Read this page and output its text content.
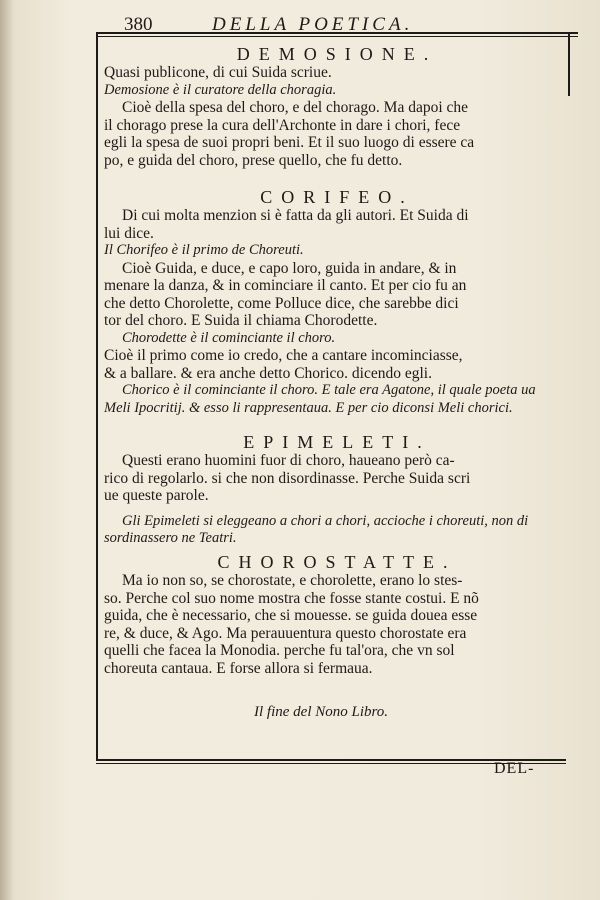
380	DELLA POETICA.
DEMOSIONE.
Quasi publicone, di cui Suida scriue.
Demosione è il curatore della choragia.
Cioè della spesa del choro, e del chorago. Ma dapoi che
il chorago prese la cura dell'Archonte in dare i chori, fece
egli la spesa de suoi propri beni. Et il suo luogo di essere ca
po, e guida del choro, prese quello, che fu detto.
CORIFEO.
Di cui molta menzion si è fatta da gli autori. Et Suida di
lui dice.
Il Chorifeo è il primo de Choreuti.
Cioè Guida, e duce, e capo loro, guida in andare, & in
menare la danza, & in cominciare il canto. Et per cio fu an
che detto Chorolette, come Polluce dice, che sarebbe dici
tor del choro. E Suida il chiama Chorodette.
Chorodette è il cominciante il choro.
Cioè il primo come io credo, che a cantare incominciasse,
& a ballare. & era anche detto Chorico. dicendo egli.
Chorico è il cominciante il choro. E tale era Agatone, il quale poeta ua
Meli Ipocritij. & esso li rappresentaua. E per cio diconsi Meli chorici.
EPIMELETI.
Questi erano huomini fuor di choro, haueano però ca-
rico di regolarlo. si che non disordinasse. Perche Suida scri
ue queste parole.
Gli Epimeleti si eleggeano a chori a chori, accioche i choreuti, non di
sordinassero ne Teatri.
CHOROSTATTE.
Ma io non so, se chorostate, e chorolette, erano lo stes-
so. Perche col suo nome mostra che fosse stante costui. E nõ
guida, che è necessario, che si mouesse. se guida douea esse
re, & duce, & Ago. Ma perauuentura questo chorostate era
quelli che facea la Monodia. perche fu tal'ora, che vn sol
choreuta cantaua. E forse allora si fermaua.
Il fine del Nono Libro.
DEL-
